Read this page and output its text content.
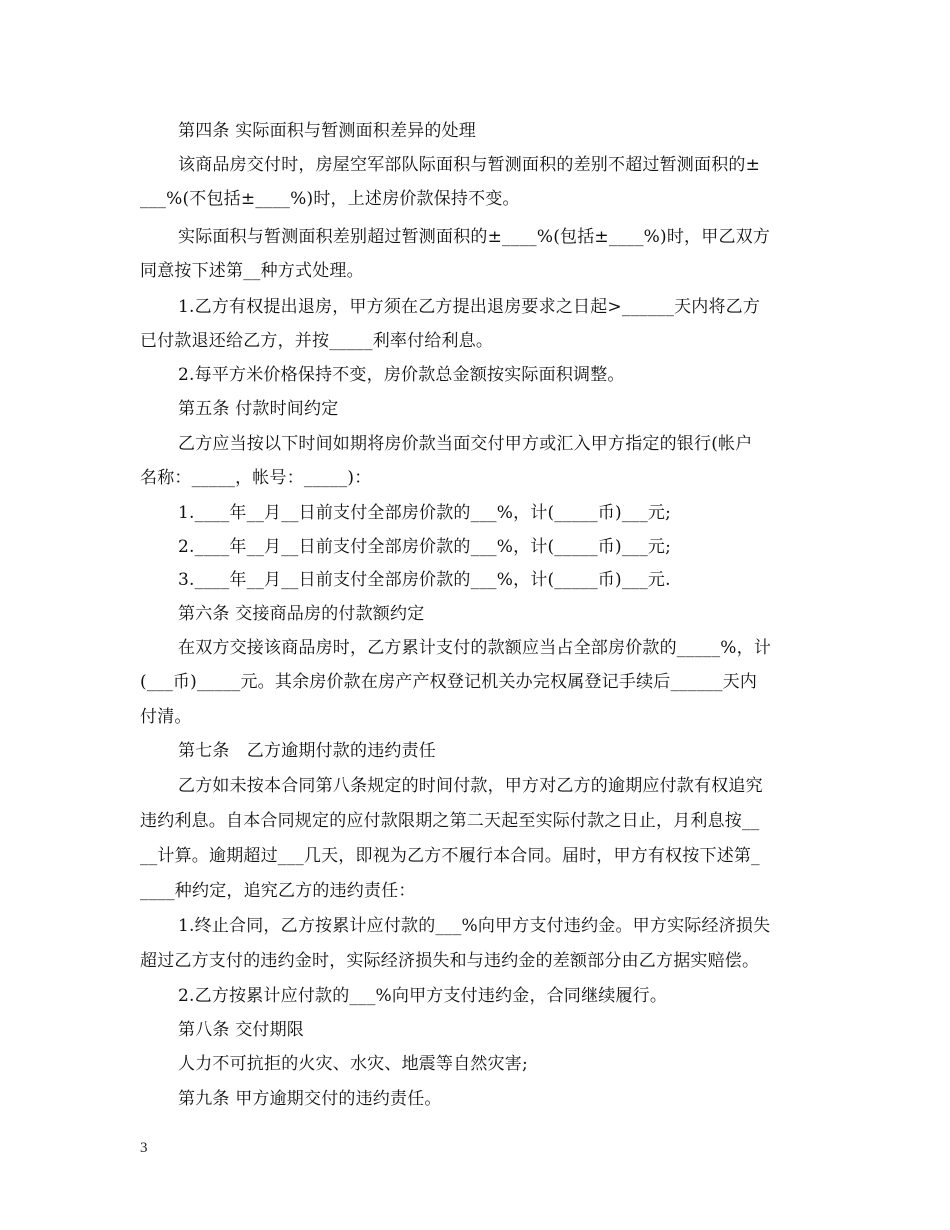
第四条 实际面积与暂测面积差异的处理
该商品房交付时，房屋空军部队际面积与暂测面积的差别不超过暂测面积的±
___%(不包括±____%)时，上述房价款保持不变。
实际面积与暂测面积差别超过暂测面积的±____%(包括±____%)时，甲乙双方
同意按下述第__种方式处理。
1.乙方有权提出退房，甲方须在乙方提出退房要求之日起>______天内将乙方
已付款退还给乙方，并按_____利率付给利息。
2.每平方米价格保持不变，房价款总金额按实际面积调整。
第五条 付款时间约定
乙方应当按以下时间如期将房价款当面交付甲方或汇入甲方指定的银行(帐户
名称：_____，帐号：_____)：
1.____年__月__日前支付全部房价款的___%，计(_____币)___元;
2.____年__月__日前支付全部房价款的___%，计(_____币)___元;
3.____年__月__日前支付全部房价款的___%，计(_____币)___元.
第六条 交接商品房的付款额约定
在双方交接该商品房时，乙方累计支付的款额应当占全部房价款的_____%，计
(___币)_____元。其余房价款在房产产权登记机关办完权属登记手续后______天内
付清。
第七条　乙方逾期付款的违约责任
乙方如未按本合同第八条规定的时间付款，甲方对乙方的逾期应付款有权追究
违约利息。自本合同规定的应付款限期之第二天起至实际付款之日止，月利息按__
__计算。逾期超过___几天，即视为乙方不履行本合同。届时，甲方有权按下述第_
____种约定，追究乙方的违约责任：
1.终止合同，乙方按累计应付款的___%向甲方支付违约金。甲方实际经济损失
超过乙方支付的违约金时，实际经济损失和与违约金的差额部分由乙方据实赔偿。
2.乙方按累计应付款的___%向甲方支付违约金，合同继续履行。
第八条 交付期限
人力不可抗拒的火灾、水灾、地震等自然灾害;
第九条 甲方逾期交付的违约责任。
3
